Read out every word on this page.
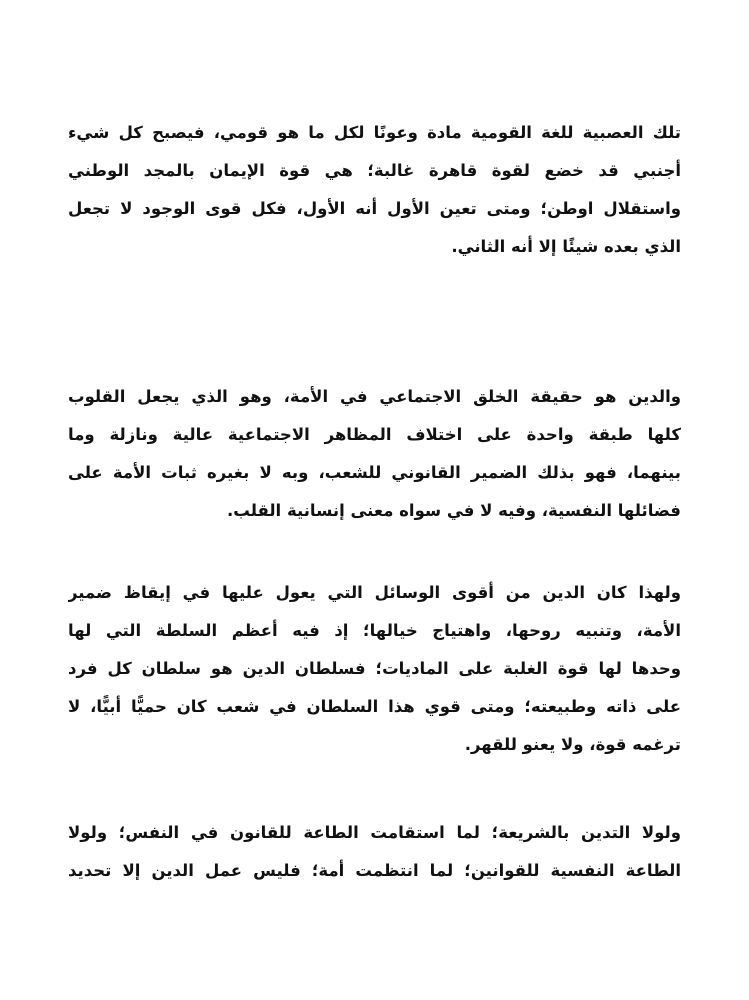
تلك العصبية للغة القومية مادة وعونًا لكل ما هو قومي، فيصبح كل شيء
أجنبي قد خضع لقوة قاهرة غالبة؛ هي قوة الإيمان بالمجد الوطني
واستقلال اوطن؛ ومتى تعين الأول أنه الأول، فكل قوى الوجود لا تجعل
الذي بعده شيئًا إلا أنه الثاني.
والدين هو حقيقة الخلق الاجتماعي في الأمة، وهو الذي يجعل القلوب
كلها طبقة واحدة على اختلاف المظاهر الاجتماعية عالية ونازلة وما
بينهما، فهو بذلك الضمير القانوني للشعب، وبه لا بغيره ثبات الأمة على
فضائلها النفسية، وفيه لا في سواه معنى إنسانية القلب.
ولهذا كان الدين من أقوى الوسائل التي يعول عليها في إيقاظ ضمير
الأمة، وتنبيه روحها، واهتياج خيالها؛ إذ فيه أعظم السلطة التي لها
وحدها لها قوة الغلبة على الماديات؛ فسلطان الدين هو سلطان كل فرد
على ذاته وطبيعته؛ ومتى قوي هذا السلطان في شعب كان حميًّا أبيًّا، لا
ترغمه قوة، ولا يعنو للقهر.
ولولا التدين بالشريعة؛ لما استقامت الطاعة للقانون في النفس؛ ولولا
الطاعة النفسية للقوانين؛ لما انتظمت أمة؛ فليس عمل الدين إلا تحديد
